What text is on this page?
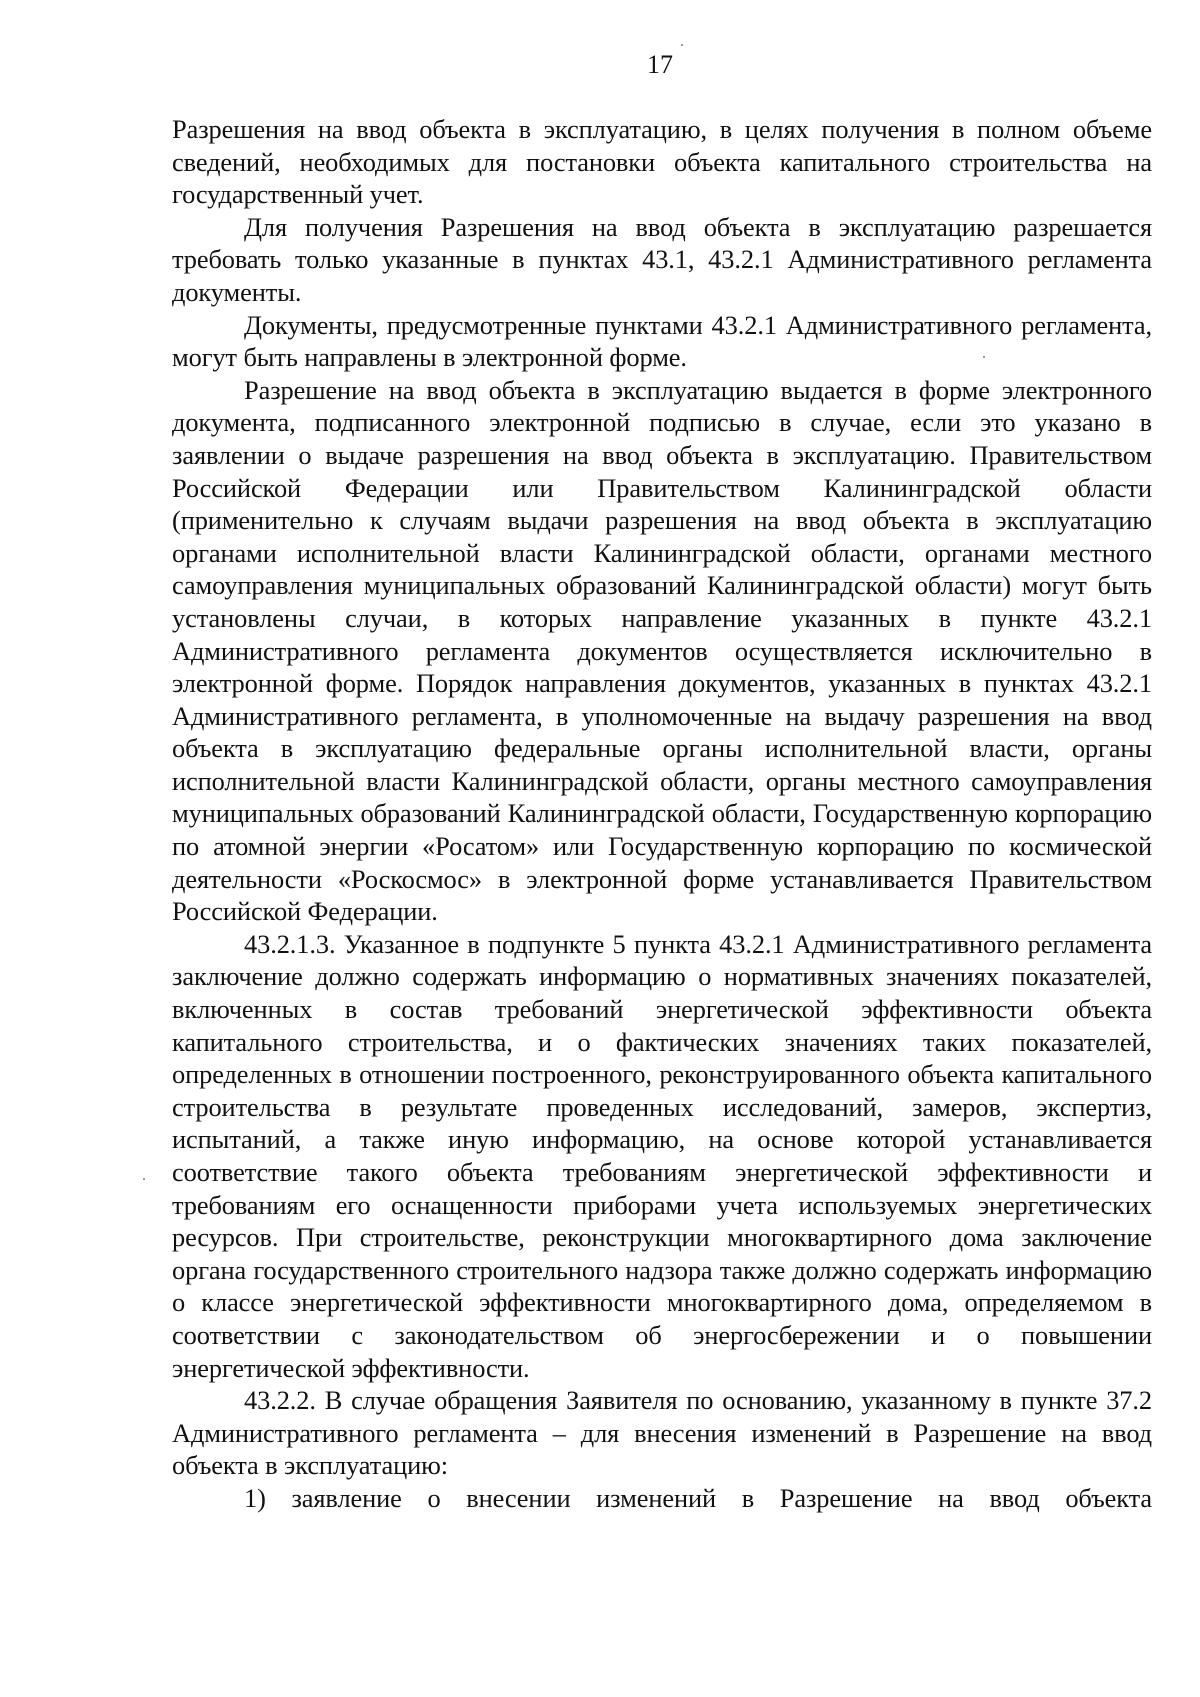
17

Разрешения на ввод объекта в эксплуатацию, в целях получения в полном объеме сведений, необходимых для постановки объекта капитального строительства на государственный учет.

Для получения Разрешения на ввод объекта в эксплуатацию разрешается требовать только указанные в пунктах 43.1, 43.2.1 Административного регламента документы.

Документы, предусмотренные пунктами 43.2.1 Административного регламента, могут быть направлены в электронной форме.

Разрешение на ввод объекта в эксплуатацию выдается в форме электронного документа, подписанного электронной подписью в случае, если это указано в заявлении о выдаче разрешения на ввод объекта в эксплуатацию. Правительством Российской Федерации или Правительством Калининградской области (применительно к случаям выдачи разрешения на ввод объекта в эксплуатацию органами исполнительной власти Калининградской области, органами местного самоуправления муниципальных образований Калининградской области) могут быть установлены случаи, в которых направление указанных в пункте 43.2.1 Административного регламента документов осуществляется исключительно в электронной форме. Порядок направления документов, указанных в пунктах 43.2.1 Административного регламента, в уполномоченные на выдачу разрешения на ввод объекта в эксплуатацию федеральные органы исполнительной власти, органы исполнительной власти Калининградской области, органы местного самоуправления муниципальных образований Калининградской области, Государственную корпорацию по атомной энергии «Росатом» или Государственную корпорацию по космической деятельности «Роскосмос» в электронной форме устанавливается Правительством Российской Федерации.

43.2.1.3. Указанное в подпункте 5 пункта 43.2.1 Административного регламента заключение должно содержать информацию о нормативных значениях показателей, включенных в состав требований энергетической эффективности объекта капитального строительства, и о фактических значениях таких показателей, определенных в отношении построенного, реконструированного объекта капитального строительства в результате проведенных исследований, замеров, экспертиз, испытаний, а также иную информацию, на основе которой устанавливается соответствие такого объекта требованиям энергетической эффективности и требованиям его оснащенности приборами учета используемых энергетических ресурсов. При строительстве, реконструкции многоквартирного дома заключение органа государственного строительного надзора также должно содержать информацию о классе энергетической эффективности многоквартирного дома, определяемом в соответствии с законодательством об энергосбережении и о повышении энергетической эффективности.

43.2.2. В случае обращения Заявителя по основанию, указанному в пункте 37.2 Административного регламента – для внесения изменений в Разрешение на ввод объекта в эксплуатацию:

1) заявление о внесении изменений в Разрешение на ввод объекта
